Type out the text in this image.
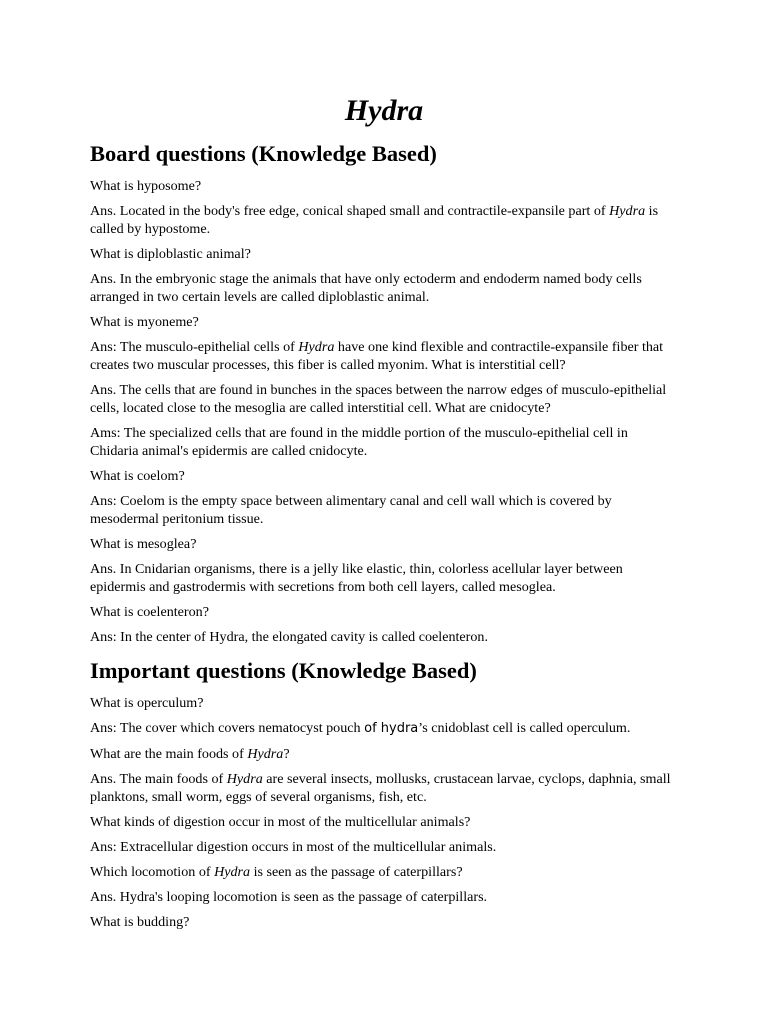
Hydra
Board questions (Knowledge Based)

What is hyposome?

Ans. Located in the body's free edge, conical shaped small and contractile-expansile part of Hydra is called by hypostome.

What is diploblastic animal?

Ans. In the embryonic stage the animals that have only ectoderm and endoderm named body cells arranged in two certain levels are called diploblastic animal.

What is myoneme?

Ans: The musculo-epithelial cells of Hydra have one kind flexible and contractile-expansile fiber that creates two muscular processes, this fiber is called myonim. What is interstitial cell?

Ans. The cells that are found in bunches in the spaces between the narrow edges of musculo-epithelial cells, located close to the mesoglia are called interstitial cell. What are cnidocyte?

Ams: The specialized cells that are found in the middle portion of the musculo-epithelial cell in Chidaria animal's epidermis are called cnidocyte.

What is coelom?

Ans: Coelom is the empty space between alimentary canal and cell wall which is covered by mesodermal peritonium tissue.

What is mesoglea?

Ans. In Cnidarian organisms, there is a jelly like elastic, thin, colorless acellular layer between epidermis and gastrodermis with secretions from both cell layers, called mesoglea.

What is coelenteron?

Ans: In the center of Hydra, the elongated cavity is called coelenteron.

Important questions (Knowledge Based)

What is operculum?

Ans: The cover which covers nematocyst pouch of hydra’s cnidoblast cell is called operculum.

What are the main foods of Hydra?

Ans. The main foods of Hydra are several insects, mollusks, crustacean larvae, cyclops, daphnia, small planktons, small worm, eggs of several organisms, fish, etc.

What kinds of digestion occur in most of the multicellular animals?

Ans: Extracellular digestion occurs in most of the multicellular animals.

Which locomotion of Hydra is seen as the passage of caterpillars?

Ans. Hydra's looping locomotion is seen as the passage of caterpillars.

What is budding?
